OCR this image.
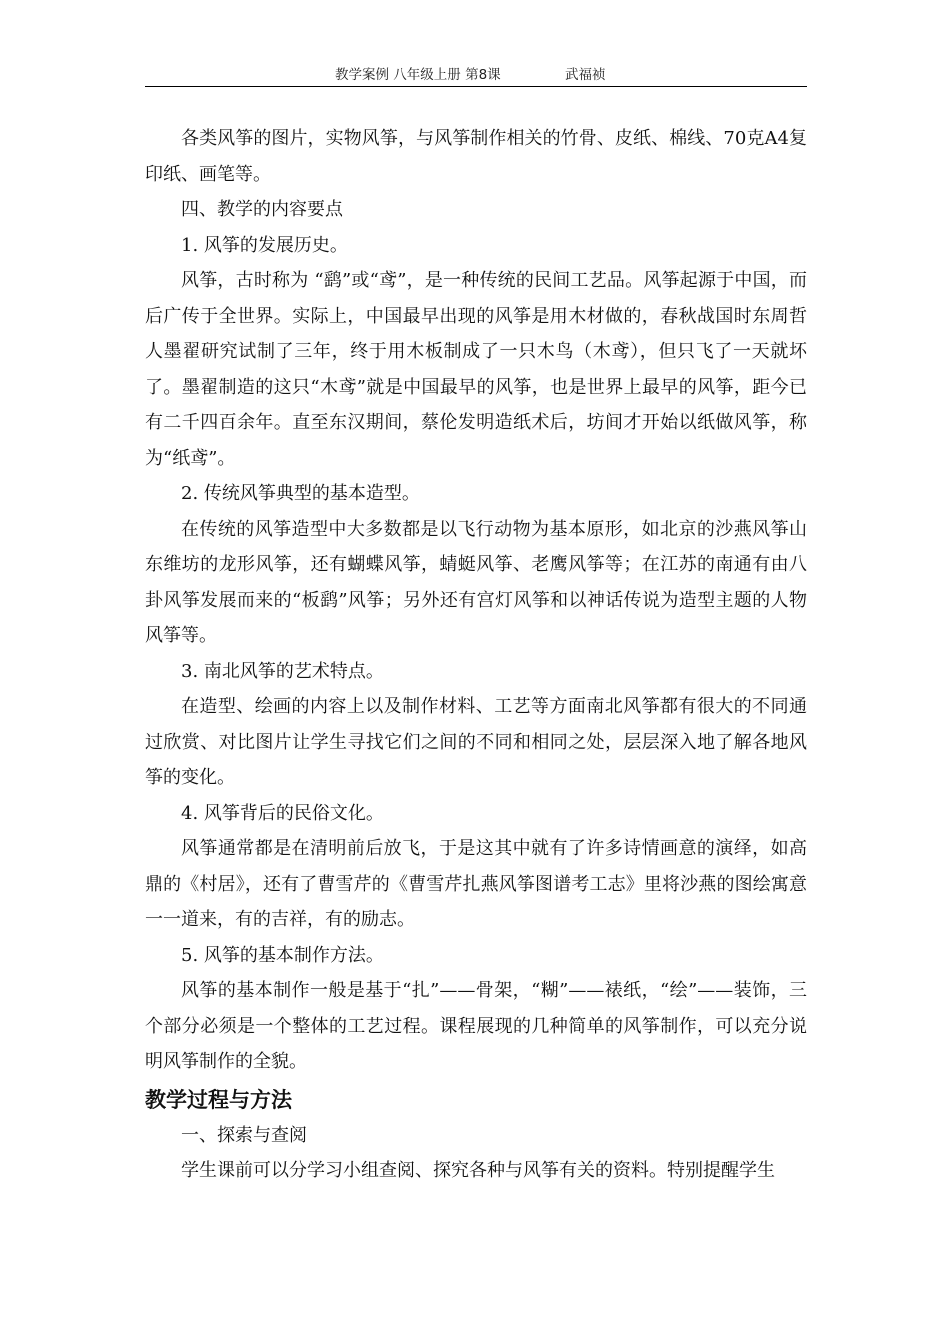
教学案例 八年级上册 第8课	武福祯

各类风筝的图片，实物风筝，与风筝制作相关的竹骨、皮纸、棉线、70克A4复印纸、画笔等。

四、教学的内容要点

1. 风筝的发展历史。

风筝，古时称为 “鹞”或“鸢”，是一种传统的民间工艺品。风筝起源于中国，而后广传于全世界。实际上，中国最早出现的风筝是用木材做的，春秋战国时东周哲人墨翟研究试制了三年，终于用木板制成了一只木鸟（木鸢），但只飞了一天就坏了。墨翟制造的这只“木鸢”就是中国最早的风筝，也是世界上最早的风筝，距今已有二千四百余年。直至东汉期间，蔡伦发明造纸术后，坊间才开始以纸做风筝，称为“纸鸢”。

2. 传统风筝典型的基本造型。

在传统的风筝造型中大多数都是以飞行动物为基本原形，如北京的沙燕风筝山东维坊的龙形风筝，还有蝴蝶风筝，蜻蜓风筝、老鹰风筝等；在江苏的南通有由八卦风筝发展而来的“板鹞”风筝；另外还有宫灯风筝和以神话传说为造型主题的人物风筝等。

3. 南北风筝的艺术特点。

在造型、绘画的内容上以及制作材料、工艺等方面南北风筝都有很大的不同通过欣赏、对比图片让学生寻找它们之间的不同和相同之处，层层深入地了解各地风筝的变化。

4. 风筝背后的民俗文化。

风筝通常都是在清明前后放飞，于是这其中就有了许多诗情画意的演绎，如高鼎的《村居》，还有了曹雪芹的《曹雪芹扎燕风筝图谱考工志》里将沙燕的图绘寓意一一道来，有的吉祥，有的励志。

5. 风筝的基本制作方法。

风筝的基本制作一般是基于“扎”——骨架，“糊”——裱纸，“绘”——装饰，三个部分必须是一个整体的工艺过程。课程展现的几种简单的风筝制作，可以充分说明风筝制作的全貌。

教学过程与方法

一、探索与查阅

学生课前可以分学习小组查阅、探究各种与风筝有关的资料。特别提醒学生
